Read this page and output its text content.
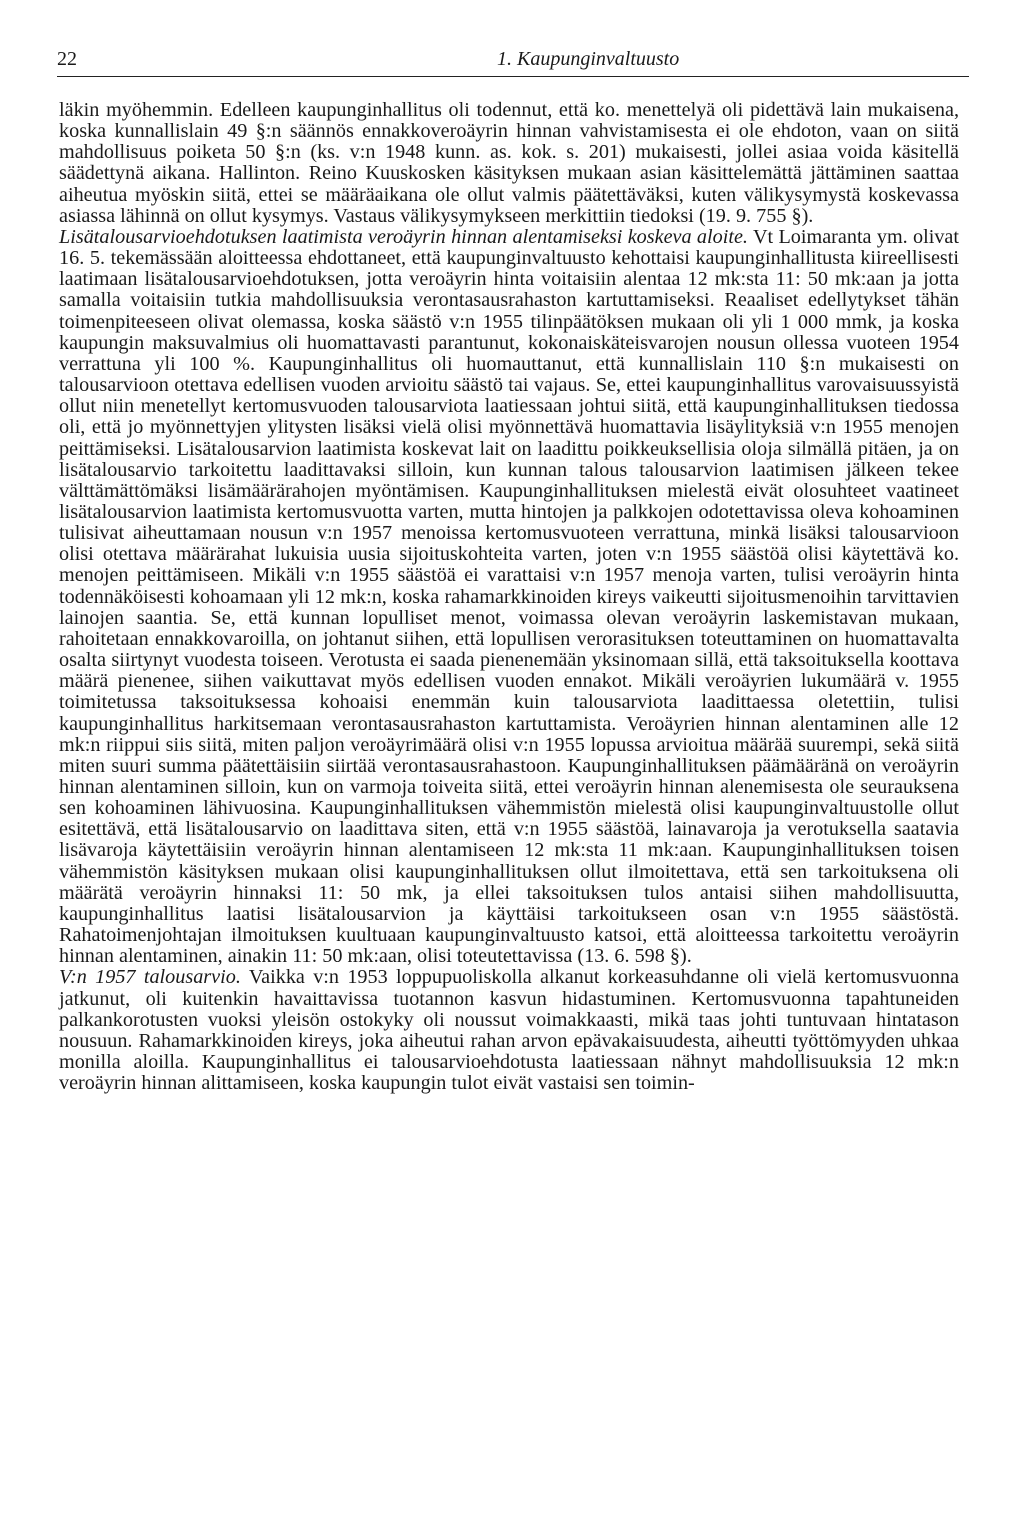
22	1. Kaupunginvaltuusto

läkin myöhemmin. Edelleen kaupunginhallitus oli todennut, että ko. menettelyä oli pidettävä lain mukaisena, koska kunnallislain 49 §:n säännös ennakkoveroäyrin hinnan vahvistamisesta ei ole ehdoton, vaan on siitä mahdollisuus poiketa 50 §:n (ks. v:n 1948 kunn. as. kok. s. 201) mukaisesti, jollei asiaa voida käsitellä säädettynä aikana. Hallinton. Reino Kuuskosken käsityksen mukaan asian käsittelemättä jättäminen saattaa aiheutua myöskin siitä, ettei se määräaikana ole ollut valmis päätettäväksi, kuten välikysymystä koskevassa asiassa lähinnä on ollut kysymys. Vastaus välikysymykseen merkittiin tiedoksi (19. 9. 755 §).

Lisätalousarvioehdotuksen laatimista veroäyrin hinnan alentamiseksi koskeva aloite. Vt Loimaranta ym. olivat 16. 5. tekemässään aloitteessa ehdottaneet, että kaupunginvaltuusto kehottaisi kaupunginhallitusta kiireellisesti laatimaan lisätalousarvioehdotuksen, jotta veroäyrin hinta voitaisiin alentaa 12 mk:sta 11: 50 mk:aan ja jotta samalla voitaisiin tutkia mahdollisuuksia verontasausrahaston kartuttamiseksi. Reaaliset edellytykset tähän toimenpiteeseen olivat olemassa, koska säästö v:n 1955 tilinpäätöksen mukaan oli yli 1 000 mmk, ja koska kaupungin maksuvalmius oli huomattavasti parantunut, kokonaiskäteisvarojen nousun ollessa vuoteen 1954 verrattuna yli 100 %. Kaupunginhallitus oli huomauttanut, että kunnallislain 110 §:n mukaisesti on talousarvioon otettava edellisen vuoden arvioitu säästö tai vajaus. Se, ettei kaupunginhallitus varovaisuussyistä ollut niin menetellyt kertomusvuoden talousarviota laatiessaan johtui siitä, että kaupunginhallituksen tiedossa oli, että jo myönnettyjen ylitysten lisäksi vielä olisi myönnettävä huomattavia lisäylityksiä v:n 1955 menojen peittämiseksi. Lisätalousarvion laatimista koskevat lait on laadittu poikkeuksellisia oloja silmällä pitäen, ja on lisätalousarvio tarkoitettu laadittavaksi silloin, kun kunnan talous talousarvion laatimisen jälkeen tekee välttämättömäksi lisämäärärahojen myöntämisen. Kaupunginhallituksen mielestä eivät olosuhteet vaatineet lisätalousarvion laatimista kertomusvuotta varten, mutta hintojen ja palkkojen odotettavissa oleva kohoaminen tulisivat aiheuttamaan nousun v:n 1957 menoissa kertomusvuoteen verrattuna, minkä lisäksi talousarvioon olisi otettava määrärahat lukuisia uusia sijoituskohteita varten, joten v:n 1955 säästöä olisi käytettävä ko. menojen peittämiseen. Mikäli v:n 1955 säästöä ei varattaisi v:n 1957 menoja varten, tulisi veroäyrin hinta todennäköisesti kohoamaan yli 12 mk:n, koska rahamarkkinoiden kireys vaikeutti sijoitusmenoihin tarvittavien lainojen saantia. Se, että kunnan lopulliset menot, voimassa olevan veroäyrin laskemistavan mukaan, rahoitetaan ennakkovaroilla, on johtanut siihen, että lopullisen verorasituksen toteuttaminen on huomattavalta osalta siirtynyt vuodesta toiseen. Verotusta ei saada pienenemään yksinomaan sillä, että taksoituksella koottava määrä pienenee, siihen vaikuttavat myös edellisen vuoden ennakot. Mikäli veroäyrien lukumäärä v. 1955 toimitetussa taksoituksessa kohoaisi enemmän kuin talousarviota laadittaessa oletettiin, tulisi kaupunginhallitus harkitsemaan verontasausrahaston kartuttamista. Veroäyrien hinnan alentaminen alle 12 mk:n riippui siis siitä, miten paljon veroäyrimäärä olisi v:n 1955 lopussa arvioitua määrää suurempi, sekä siitä miten suuri summa päätettäisiin siirtää verontasausrahastoon. Kaupunginhallituksen päämääränä on veroäyrin hinnan alentaminen silloin, kun on varmoja toiveita siitä, ettei veroäyrin hinnan alenemisesta ole seurauksena sen kohoaminen lähivuosina. Kaupunginhallituksen vähemmistön mielestä olisi kaupunginvaltuustolle ollut esitettävä, että lisätalousarvio on laadittava siten, että v:n 1955 säästöä, lainavaroja ja verotuksella saatavia lisävaroja käytettäisiin veroäyrin hinnan alentamiseen 12 mk:sta 11 mk:aan. Kaupunginhallituksen toisen vähemmistön käsityksen mukaan olisi kaupunginhallituksen ollut ilmoitettava, että sen tarkoituksena oli määrätä veroäyrin hinnaksi 11: 50 mk, ja ellei taksoituksen tulos antaisi siihen mahdollisuutta, kaupunginhallitus laatisi lisätalousarvion ja käyttäisi tarkoitukseen osan v:n 1955 säästöstä. Rahatoimenjohtajan ilmoituksen kuultuaan kaupunginvaltuusto katsoi, että aloitteessa tarkoitettu veroäyrin hinnan alentaminen, ainakin 11: 50 mk:aan, olisi toteutettavissa (13. 6. 598 §).

V:n 1957 talousarvio. Vaikka v:n 1953 loppupuoliskolla alkanut korkeasuhdanne oli vielä kertomusvuonna jatkunut, oli kuitenkin havaittavissa tuotannon kasvun hidastuminen. Kertomusvuonna tapahtuneiden palkankorotusten vuoksi yleisön ostokyky oli noussut voimakkaasti, mikä taas johti tuntuvaan hintatason nousuun. Rahamarkkinoiden kireys, joka aiheutui rahan arvon epävakaisuudesta, aiheutti työttömyyden uhkaa monilla aloilla. Kaupunginhallitus ei talousarvioehdotusta laatiessaan nähnyt mahdollisuuksia 12 mk:n veroäyrin hinnan alittamiseen, koska kaupungin tulot eivät vastaisi sen toimin-
